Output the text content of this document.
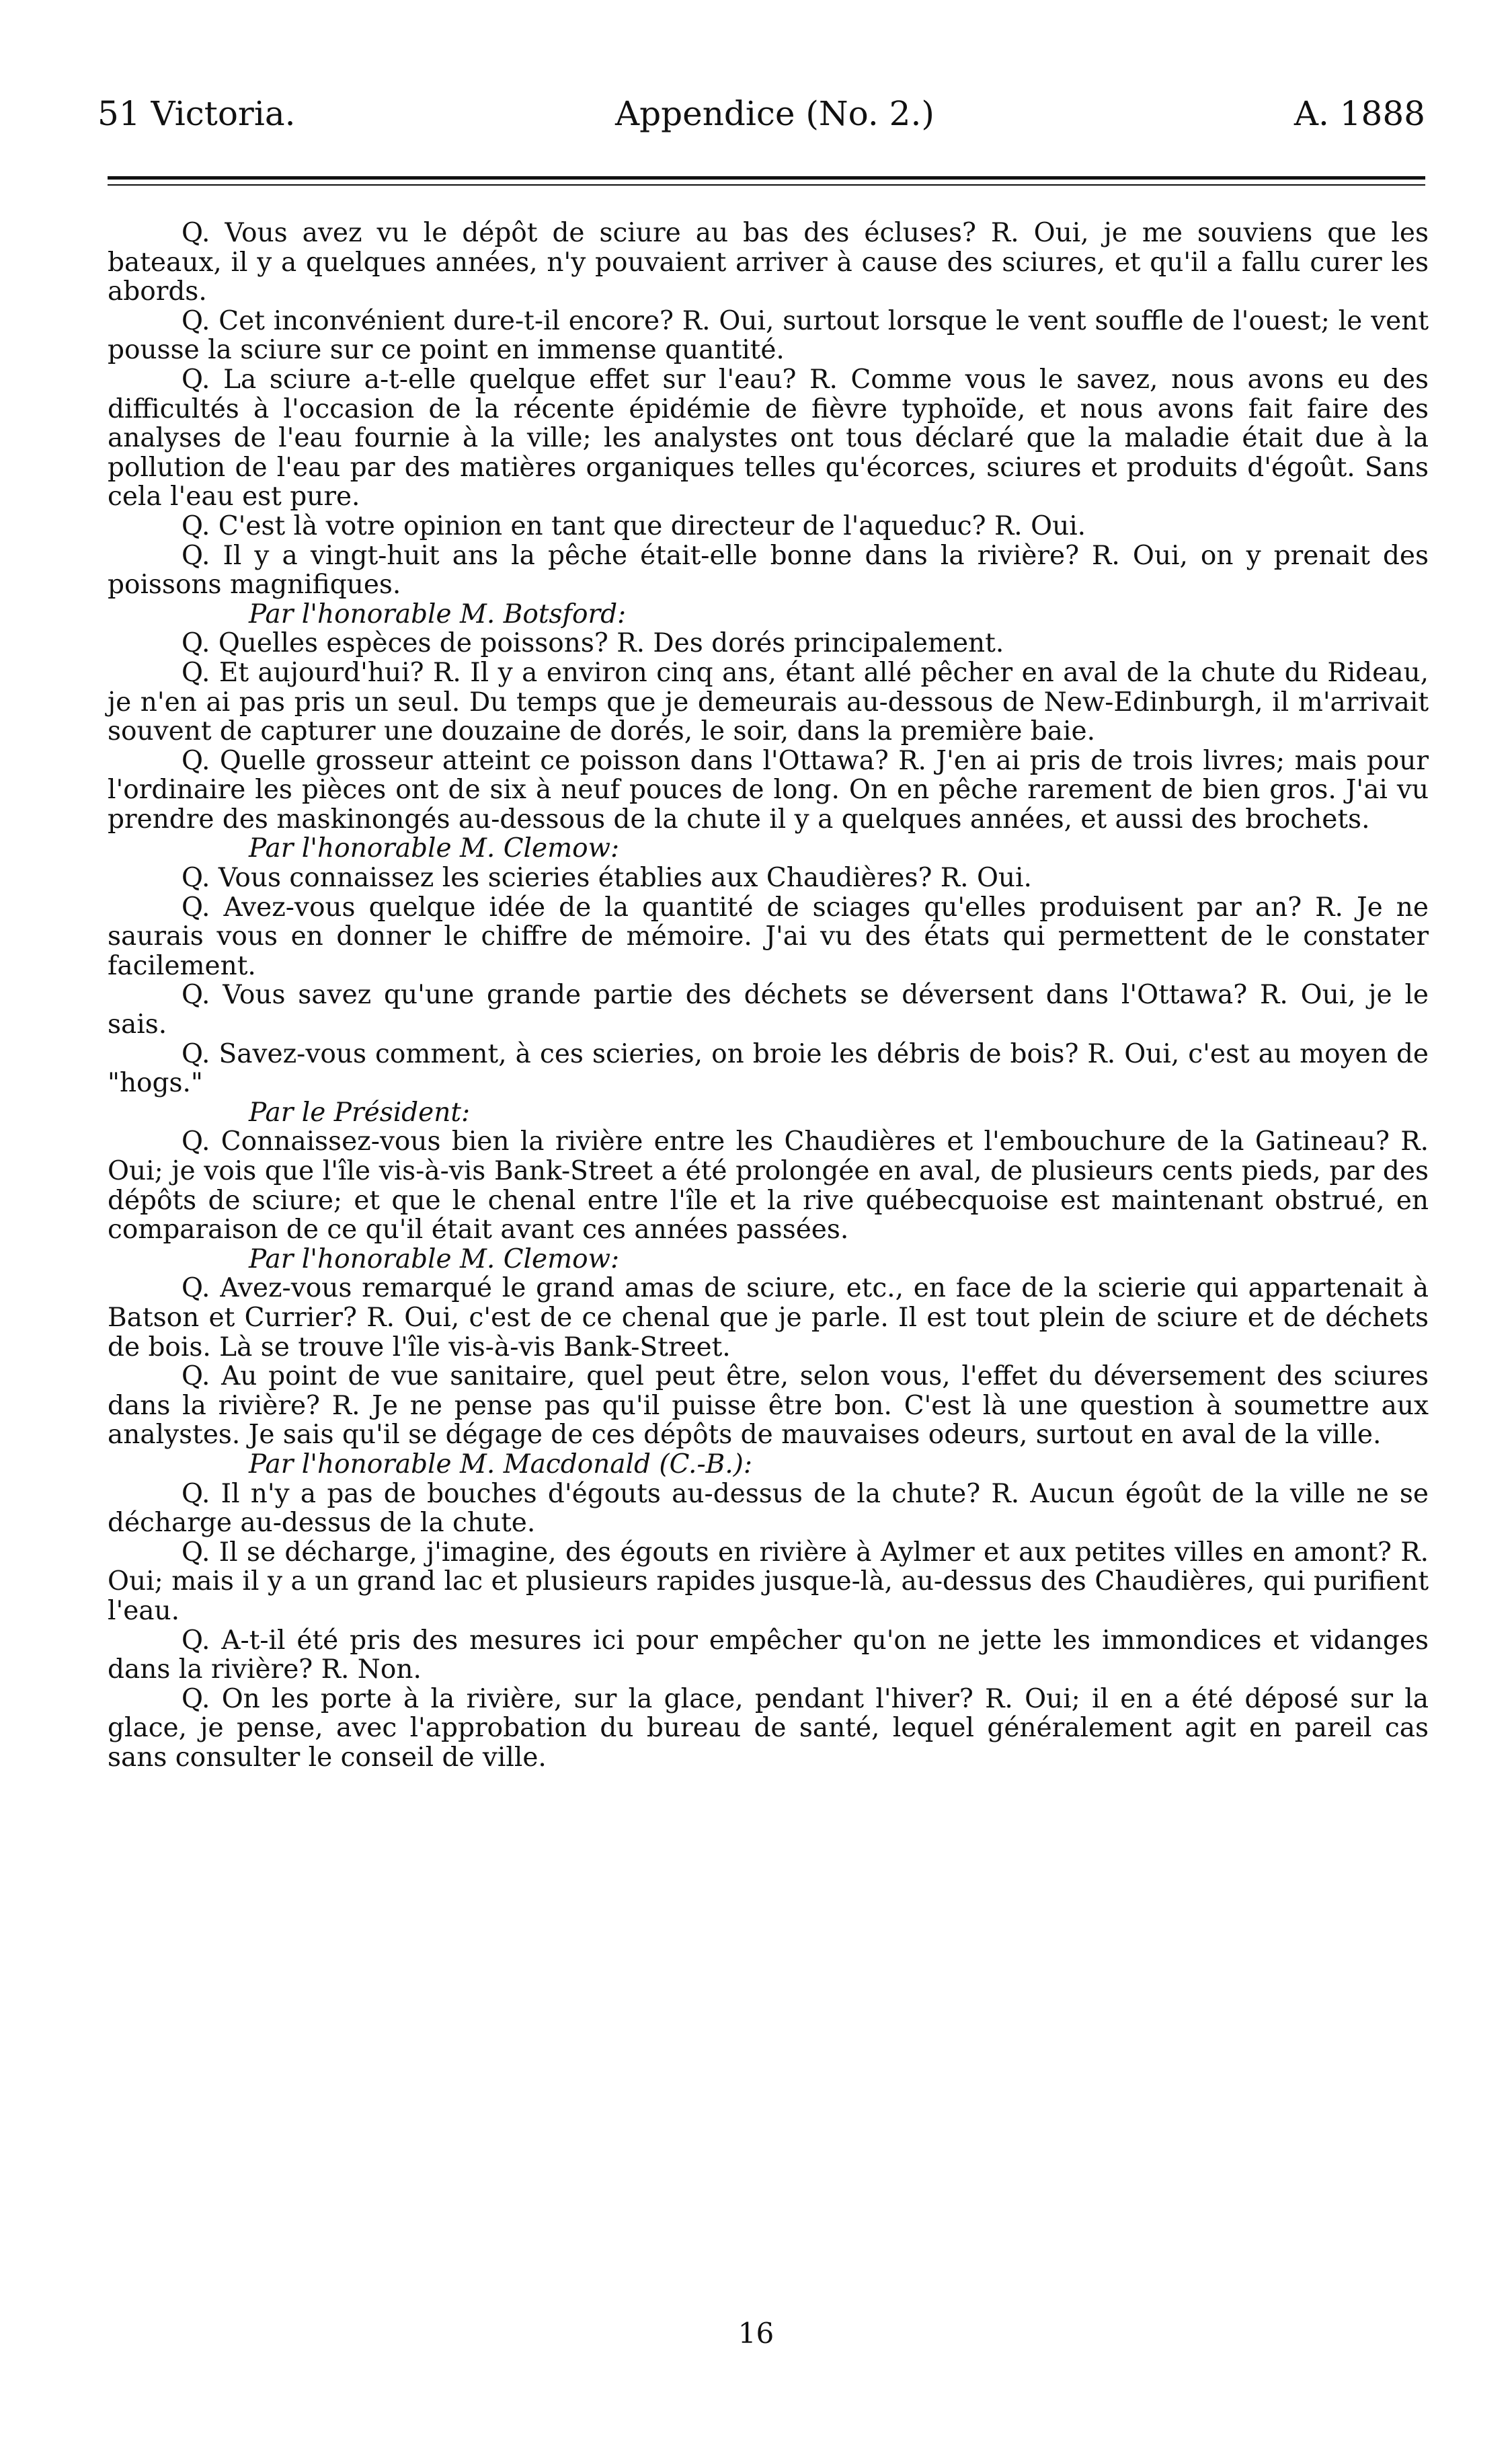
51 Victoria.	Appendice (No. 2.)	A. 1888

Q. Vous avez vu le dépôt de sciure au bas des écluses? R. Oui, je me souviens que les bateaux, il y a quelques années, n'y pouvaient arriver à cause des sciures, et qu'il a fallu curer les abords.

Q. Cet inconvénient dure-t-il encore? R. Oui, surtout lorsque le vent souffle de l'ouest; le vent pousse la sciure sur ce point en immense quantité.

Q. La sciure a-t-elle quelque effet sur l'eau? R. Comme vous le savez, nous avons eu des difficultés à l'occasion de la récente épidémie de fièvre typhoïde, et nous avons fait faire des analyses de l'eau fournie à la ville; les analystes ont tous déclaré que la maladie était due à la pollution de l'eau par des matières organiques telles qu'écorces, sciures et produits d'égoût. Sans cela l'eau est pure.

Q. C'est là votre opinion en tant que directeur de l'aqueduc? R. Oui.

Q. Il y a vingt-huit ans la pêche était-elle bonne dans la rivière? R. Oui, on y prenait des poissons magnifiques.

Par l'honorable M. Botsford:

Q. Quelles espèces de poissons? R. Des dorés principalement.

Q. Et aujourd'hui? R. Il y a environ cinq ans, étant allé pêcher en aval de la chute du Rideau, je n'en ai pas pris un seul. Du temps que je demeurais au-dessous de New-Edinburgh, il m'arrivait souvent de capturer une douzaine de dorés, le soir, dans la première baie.

Q. Quelle grosseur atteint ce poisson dans l'Ottawa? R. J'en ai pris de trois livres; mais pour l'ordinaire les pièces ont de six à neuf pouces de long. On en pêche rarement de bien gros. J'ai vu prendre des maskinongés au-dessous de la chute il y a quelques années, et aussi des brochets.

Par l'honorable M. Clemow:

Q. Vous connaissez les scieries établies aux Chaudières? R. Oui.

Q. Avez-vous quelque idée de la quantité de sciages qu'elles produisent par an? R. Je ne saurais vous en donner le chiffre de mémoire. J'ai vu des états qui permettent de le constater facilement.

Q. Vous savez qu'une grande partie des déchets se déversent dans l'Ottawa? R. Oui, je le sais.

Q. Savez-vous comment, à ces scieries, on broie les débris de bois? R. Oui, c'est au moyen de "hogs."

Par le Président:

Q. Connaissez-vous bien la rivière entre les Chaudières et l'embouchure de la Gatineau? R. Oui; je vois que l'île vis-à-vis Bank-Street a été prolongée en aval, de plusieurs cents pieds, par des dépôts de sciure; et que le chenal entre l'île et la rive québecquoise est maintenant obstrué, en comparaison de ce qu'il était avant ces années passées.

Par l'honorable M. Clemow:

Q. Avez-vous remarqué le grand amas de sciure, etc., en face de la scierie qui appartenait à Batson et Currier? R. Oui, c'est de ce chenal que je parle. Il est tout plein de sciure et de déchets de bois. Là se trouve l'île vis-à-vis Bank-Street.

Q. Au point de vue sanitaire, quel peut être, selon vous, l'effet du déversement des sciures dans la rivière? R. Je ne pense pas qu'il puisse être bon. C'est là une question à soumettre aux analystes. Je sais qu'il se dégage de ces dépôts de mauvaises odeurs, surtout en aval de la ville.

Par l'honorable M. Macdonald (C.-B.):

Q. Il n'y a pas de bouches d'égouts au-dessus de la chute? R. Aucun égoût de la ville ne se décharge au-dessus de la chute.

Q. Il se décharge, j'imagine, des égouts en rivière à Aylmer et aux petites villes en amont? R. Oui; mais il y a un grand lac et plusieurs rapides jusque-là, au-dessus des Chaudières, qui purifient l'eau.

Q. A-t-il été pris des mesures ici pour empêcher qu'on ne jette les immondices et vidanges dans la rivière? R. Non.

Q. On les porte à la rivière, sur la glace, pendant l'hiver? R. Oui; il en a été déposé sur la glace, je pense, avec l'approbation du bureau de santé, lequel généralement agit en pareil cas sans consulter le conseil de ville.

16
